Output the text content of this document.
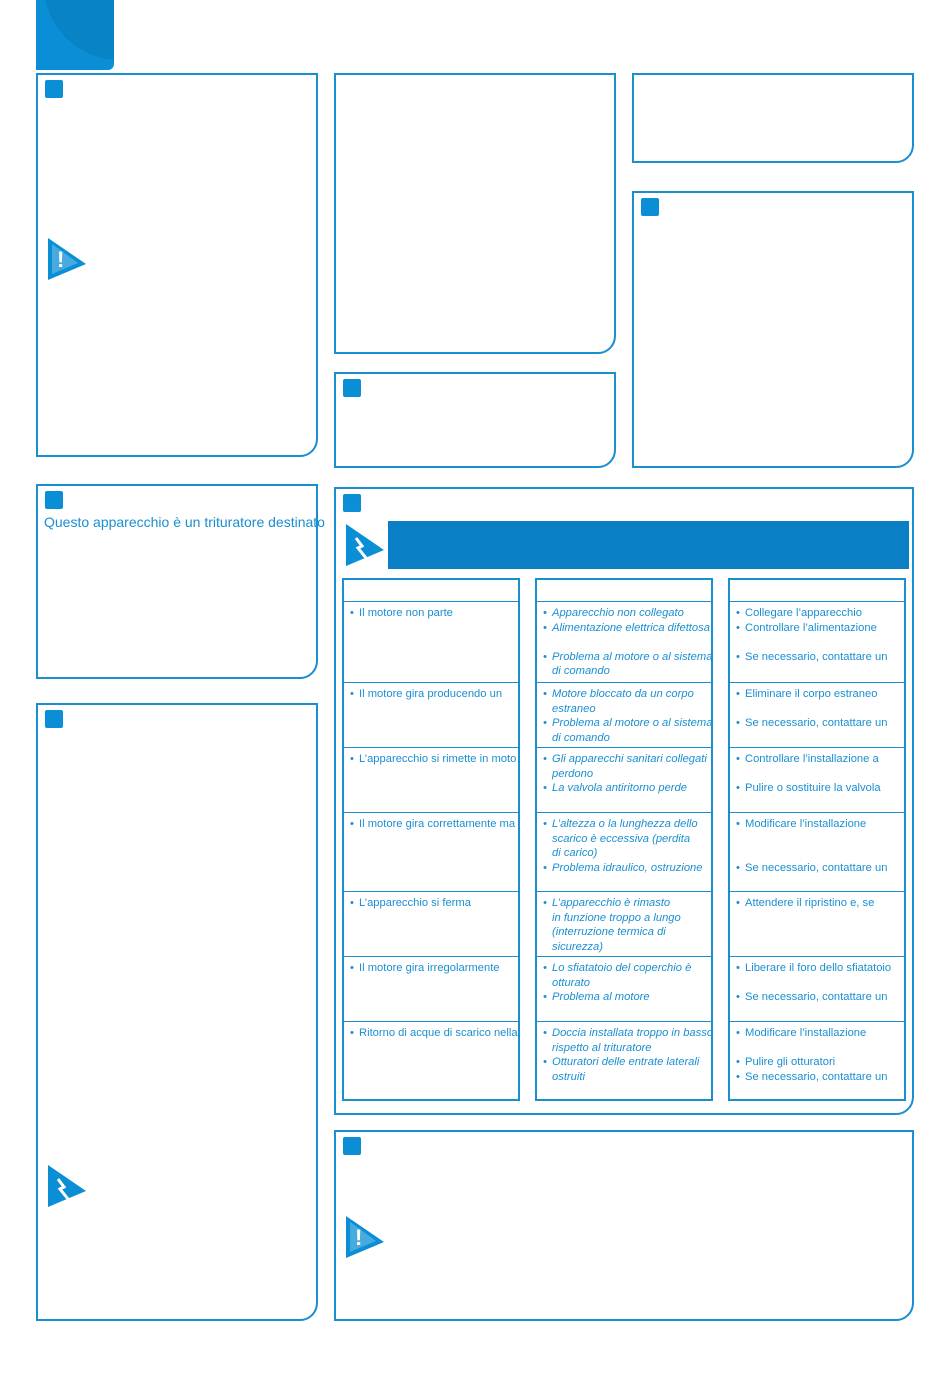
!
Questo apparecchio è un trituratore destinato
• Il motore non parte
• Il motore gira producendo un
• L’apparecchio si rimette in moto
• Il motore gira correttamente ma
• L’apparecchio si ferma
• Il motore gira irregolarmente
• Ritorno di acque di scarico nella
• Apparecchio non collegato
• Alimentazione elettrica difettosa
• Problema al motore o al sistema
di comando
• Motore bloccato da un corpo
estraneo
• Problema al motore o al sistema
di comando
• Gli apparecchi sanitari collegati
perdono
• La valvola antiritorno perde
• L’altezza o la lunghezza dello
scarico è eccessiva (perdita
di carico)
• Problema idraulico, ostruzione
• L’apparecchio è rimasto
in funzione troppo a lungo
(interruzione termica di
sicurezza)
• Lo sfiatatoio del coperchio è
otturato
• Problema al motore
• Doccia installata troppo in basso
rispetto al trituratore
• Otturatori delle entrate laterali
ostruiti
• Collegare l’apparecchio
• Controllare l’alimentazione
• Se necessario, contattare un
• Eliminare il corpo estraneo
• Se necessario, contattare un
• Controllare l’installazione a
• Pulire o sostituire la valvola
• Modificare l’installazione
• Se necessario, contattare un
• Attendere il ripristino e, se
• Liberare il foro dello sfiatatoio
• Se necessario, contattare un
• Modificare l’installazione
• Pulire gli otturatori
• Se necessario, contattare un
!
